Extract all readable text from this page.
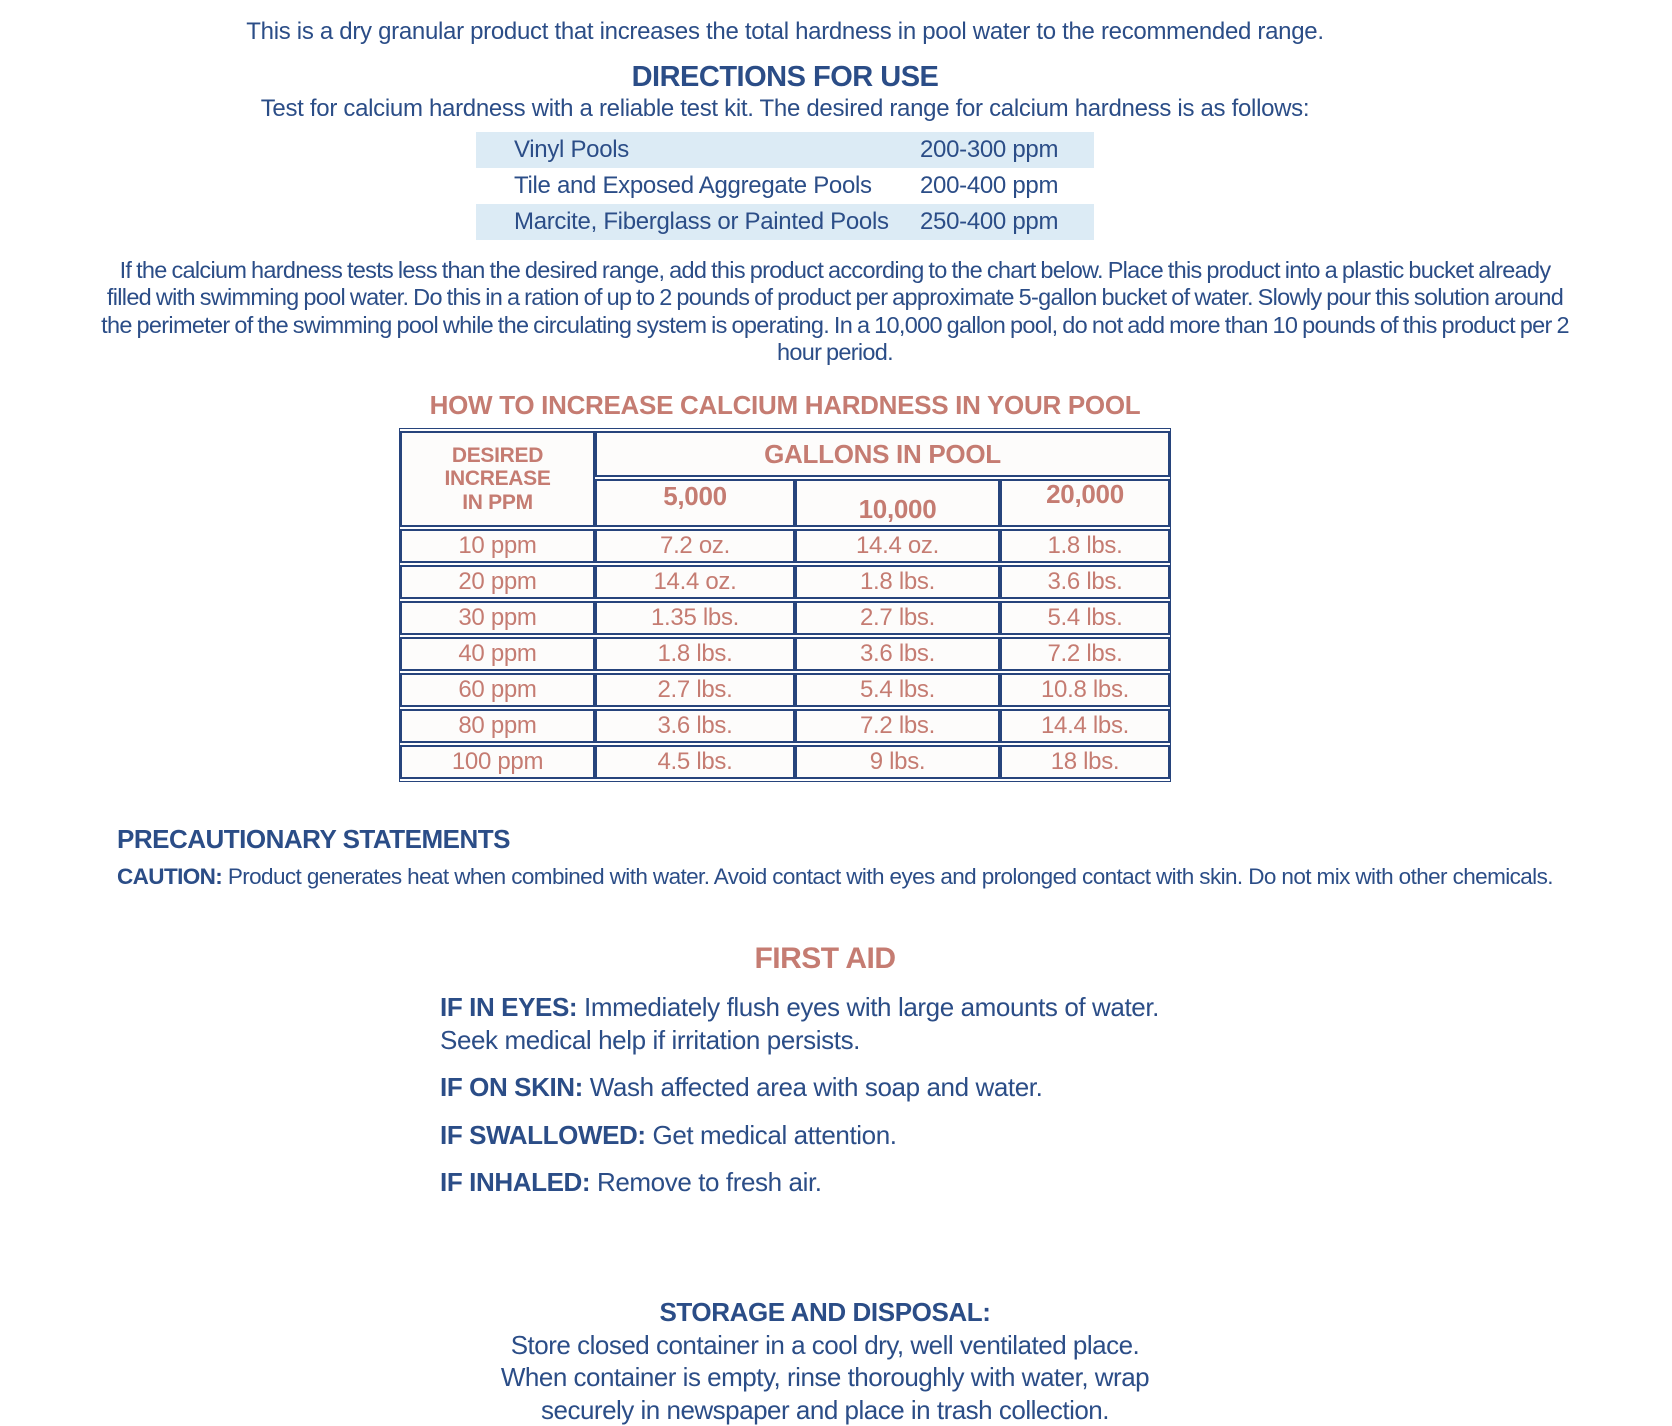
This is a dry granular product that increases the total hardness in pool water to the recommended range.
DIRECTIONS FOR USE
Test for calcium hardness with a reliable test kit. The desired range for calcium hardness is as follows:
Vinyl Pools	200-300 ppm
Tile and Exposed Aggregate Pools	200-400 ppm
Marcite, Fiberglass or Painted Pools	250-400 ppm
If the calcium hardness tests less than the desired range, add this product according to the chart below. Place this product into a plastic bucket already filled with swimming pool water. Do this in a ration of up to 2 pounds of product per approximate 5-gallon bucket of water. Slowly pour this solution around the perimeter of the swimming pool while the circulating system is operating. In a 10,000 gallon pool, do not add more than 10 pounds of this product per 2 hour period.
HOW TO INCREASE CALCIUM HARDNESS IN YOUR POOL
DESIRED INCREASE IN PPM	GALLONS IN POOL		
	5,000	10,000	20,000
10 ppm	7.2 oz.	14.4 oz.	1.8 lbs.
20 ppm	14.4 oz.	1.8 lbs.	3.6 lbs.
30 ppm	1.35 lbs.	2.7 lbs.	5.4 lbs.
40 ppm	1.8 lbs.	3.6 lbs.	7.2 lbs.
60 ppm	2.7 lbs.	5.4 lbs.	10.8 lbs.
80 ppm	3.6 lbs.	7.2 lbs.	14.4 lbs.
100 ppm	4.5 lbs.	9 lbs.	18 lbs.
PRECAUTIONARY STATEMENTS
CAUTION: Product generates heat when combined with water. Avoid contact with eyes and prolonged contact with skin. Do not mix with other chemicals.
FIRST AID
IF IN EYES: Immediately flush eyes with large amounts of water. Seek medical help if irritation persists.
IF ON SKIN: Wash affected area with soap and water.
IF SWALLOWED: Get medical attention.
IF INHALED: Remove to fresh air.
STORAGE AND DISPOSAL:
Store closed container in a cool dry, well ventilated place. When container is empty, rinse thoroughly with water, wrap securely in newspaper and place in trash collection.
